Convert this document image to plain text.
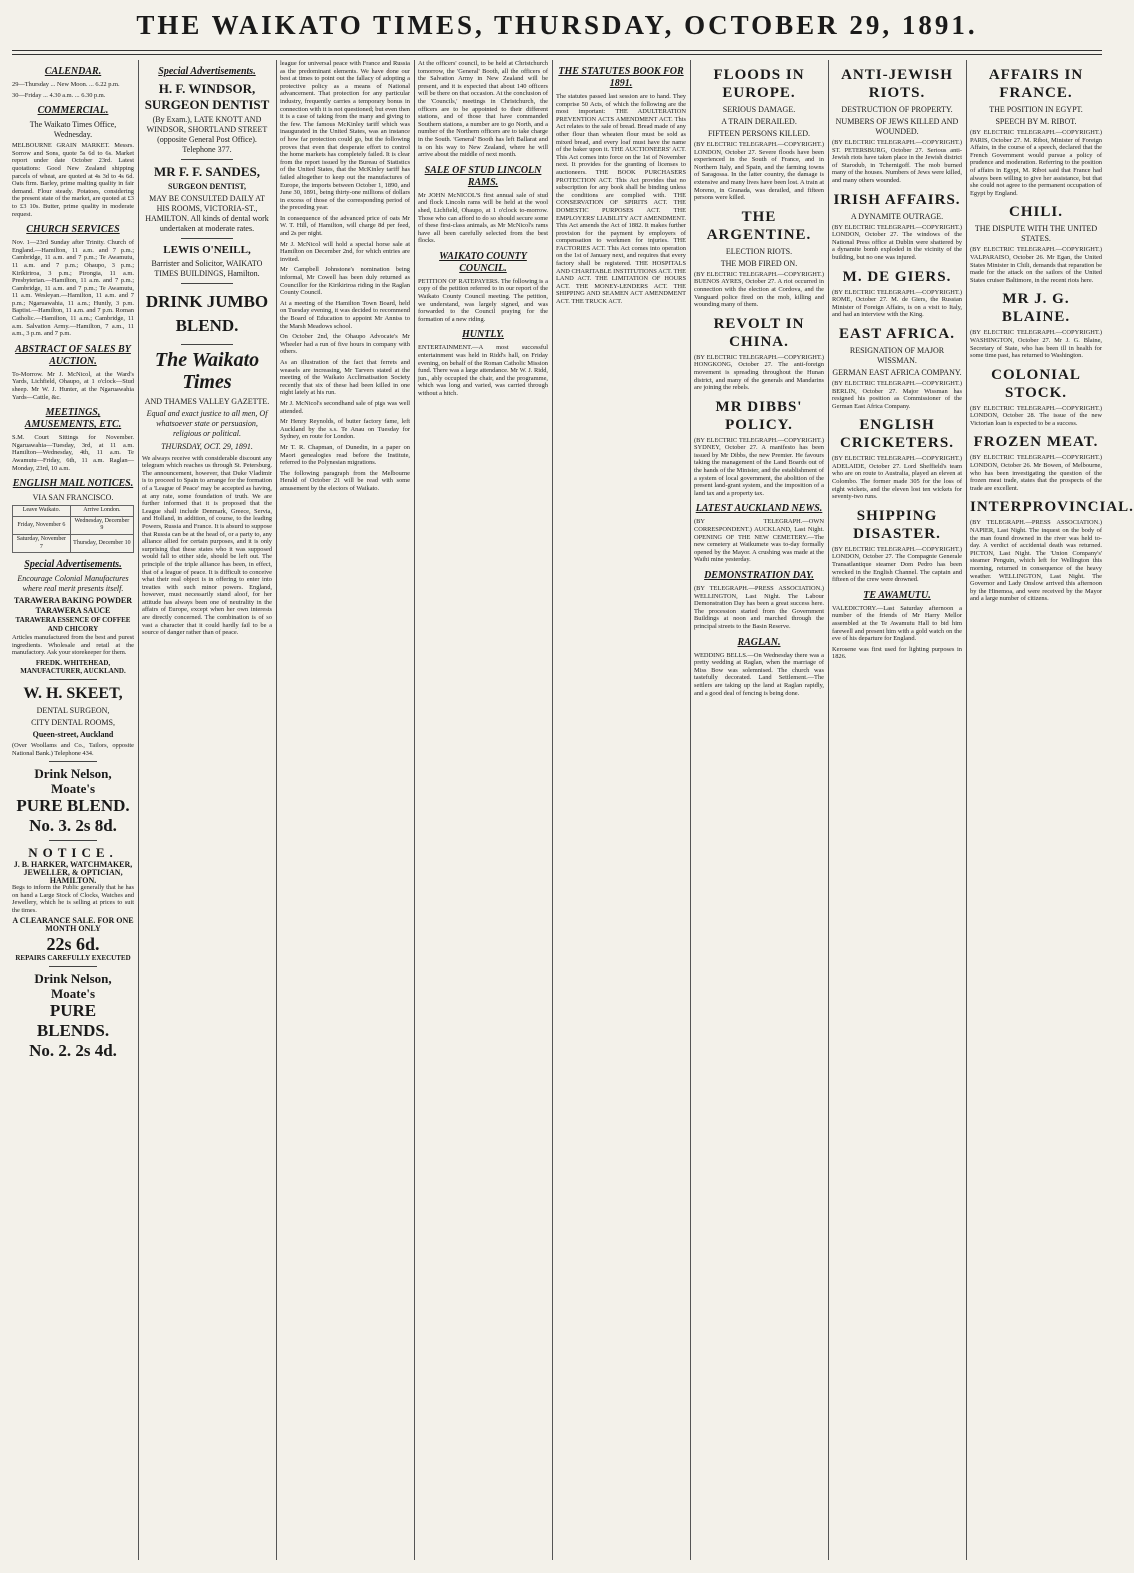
THE WAIKATO TIMES, THURSDAY, OCTOBER 29, 1891.
CALENDAR.
29—Thursday ... New Moon. ... 6.22 p.m.
30—Friday ... 4.30 a.m. ... 6.30 p.m.
COMMERCIAL.
The Waikato Times Office, Wednesday.
MELBOURNE GRAIN MARKET. Messrs. Sorrow and Sons, quote 5s 6d to 6s. Market report under date October 23rd. Latest quotations: Good New Zealand shipping parcels of wheat, are quoted at 4s 3d to 4s 6d. Oats firm. Barley, prime malting quality in fair demand. Flour steady. Potatoes, considering the present state of the market, are quoted at £3 to £3 10s. Butter, prime quality in moderate request.
CHURCH SERVICES
Nov. 1—23rd Sunday after Trinity. Church of England.—Hamilton, 11 a.m. and 7 p.m.; Cambridge, 11 a.m. and 7 p.m.; Te Awamutu, 11 a.m. and 7 p.m.; Ohaupo, 3 p.m.; Kirikiriroa, 3 p.m.; Pirongia, 11 a.m. Presbyterian.—Hamilton, 11 a.m. and 7 p.m.; Cambridge, 11 a.m. and 7 p.m.; Te Awamutu, 11 a.m. Wesleyan.—Hamilton, 11 a.m. and 7 p.m.; Ngaruawahia, 11 a.m.; Huntly, 3 p.m. Baptist.—Hamilton, 11 a.m. and 7 p.m. Roman Catholic.—Hamilton, 11 a.m.; Cambridge, 11 a.m. Salvation Army.—Hamilton, 7 a.m., 11 a.m., 3 p.m. and 7 p.m.
ABSTRACT OF SALES BY AUCTION.
To-Morrow. Mr J. McNicol, at the Ward's Yards, Lichfield, Ohaupo, at 1 o'clock—Stud sheep. Mr W. J. Hunter, at the Ngaruawahia Yards—Cattle, &c.
MEETINGS, AMUSEMENTS, ETC.
S.M. Court Sittings for November. Ngaruawahia—Tuesday, 3rd, at 11 a.m. Hamilton—Wednesday, 4th, 11 a.m. Te Awamutu—Friday, 6th, 11 a.m. Raglan—Monday, 23rd, 10 a.m.
ENGLISH MAIL NOTICES.
VIA SAN FRANCISCO.
Leave Waikato.	Arrive London.
Friday, November 6	Wednesday, December 9
Saturday, November 7	Thursday, December 10
Special Advertisements.
Encourage Colonial Manufactures where real merit presents itself.
TARAWERA BAKING POWDER
TARAWERA SAUCE
TARAWERA ESSENCE OF COFFEE AND CHICORY
Articles manufactured from the best and purest ingredients. Wholesale and retail at the manufactory. Ask your storekeeper for them.
FREDK. WHITEHEAD, MANUFACTURER, AUCKLAND.
W. H. SKEET,
DENTAL SURGEON,
CITY DENTAL ROOMS,
Queen-street, Auckland
(Over Woollams and Co., Tailors, opposite National Bank.) Telephone 434.
Drink Nelson, Moate's
PURE BLEND.
No. 3. 2s 8d.
NOTICE.
J. B. HARKER, WATCHMAKER, JEWELLER, & OPTICIAN, HAMILTON.
Begs to inform the Public generally that he has on hand a Large Stock of Clocks, Watches and Jewellery, which he is selling at prices to suit the times.
A CLEARANCE SALE. FOR ONE MONTH ONLY
22s 6d.
REPAIRS CAREFULLY EXECUTED
Drink Nelson, Moate's
PURE BLENDS.
No. 2. 2s 4d.
Special Advertisements.
H. F. WINDSOR, SURGEON DENTIST
(By Exam.), LATE KNOTT AND WINDSOR, SHORTLAND STREET (opposite General Post Office). Telephone 377.
MR F. F. SANDES,
SURGEON DENTIST,
MAY BE CONSULTED DAILY AT HIS ROOMS, VICTORIA-ST., HAMILTON. All kinds of dental work undertaken at moderate rates.
LEWIS O'NEILL,
Barrister and Solicitor, WAIKATO TIMES BUILDINGS, Hamilton.
DRINK JUMBO BLEND.
The Waikato Times
AND THAMES VALLEY GAZETTE.
Equal and exact justice to all men, Of whatsoever state or persuasion, religious or political.
THURSDAY, OCT. 29, 1891.
We always receive with considerable discount any telegram which reaches us through St. Petersburg. The announcement, however, that Duke Vladimir is to proceed to Spain to arrange for the formation of a 'League of Peace' may be accepted as having, at any rate, some foundation of truth. We are further informed that it is proposed that the League shall include Denmark, Greece, Servia, and Holland, in addition, of course, to the leading Powers, Russia and France. It is absurd to suppose that Russia can be at the head of, or a party to, any alliance allied for certain purposes, and it is only surprising that these states who it was supposed would fall to either side, should be left out. The principle of the triple alliance has been, in effect, that of a league of peace. It is difficult to conceive what their real object is in offering to enter into treaties with such minor powers. England, however, must necessarily stand aloof, for her attitude has always been one of neutrality in the affairs of Europe, except when her own interests are directly concerned. The combination is of so vast a character that it could hardly fail to be a source of danger rather than of peace.
league for universal peace with France and Russia as the predominant elements. We have done our best at times to point out the fallacy of adopting a protective policy as a means of National advancement. That protection for any particular industry, frequently carries a temporary bonus in connection with it is not questioned; but even then it is a case of taking from the many and giving to the few. The famous McKinley tariff which was inaugurated in the United States, was an instance of how far protection could go, but the following proves that even that desperate effort to control the home markets has completely failed. It is clear from the report issued by the Bureau of Statistics of the United States, that the McKinley tariff has failed altogether to keep out the manufactures of Europe, the imports between October 1, 1890, and June 30, 1891, being thirty-one millions of dollars in excess of those of the corresponding period of the preceding year.
In consequence of the advanced price of oats Mr W. T. Hill, of Hamilton, will charge 8d per feed, and 2s per night.
Mr J. McNicol will hold a special horse sale at Hamilton on December 2nd, for which entries are invited.
Mr Campbell Johnstone's nomination being informal, Mr Cowell has been duly returned as Councillor for the Kirikiriroa riding in the Raglan County Council.
At a meeting of the Hamilton Town Board, held on Tuesday evening, it was decided to recommend the Board of Education to appoint Mr Anniss to the Marsh Meadows school.
On October 2nd, the Ohaupo Advocate's Mr Wheeler had a run of five hours in company with others.
As an illustration of the fact that ferrets and weasels are increasing, Mr Tarvers stated at the meeting of the Waikato Acclimatisation Society recently that six of these had been killed in one night lately at his run.
Mr J. McNicol's secondhand sale of pigs was well attended.
Mr Henry Reynolds, of butter factory fame, left Auckland by the s.s. Te Anau on Tuesday for Sydney, en route for London.
Mr T. R. Chapman, of Dunedin, in a paper on Maori genealogies read before the Institute, referred to the Polynesian migrations.
The following paragraph from the Melbourne Herald of October 21 will be read with some amusement by the electors of Waikato.
At the officers' council, to be held at Christchurch tomorrow, the 'General' Booth, all the officers of the Salvation Army in New Zealand will be present, and it is expected that about 140 officers will be there on that occasion. At the conclusion of the 'Councils,' meetings in Christchurch, the officers are to be appointed to their different stations, and of those that have commanded Southern stations, a number are to go North, and a number of the Northern officers are to take charge in the South. 'General' Booth has left Ballarat and is on his way to New Zealand, where he will arrive about the middle of next month.
SALE OF STUD LINCOLN RAMS.
Mr JOHN McNICOL'S first annual sale of stud and flock Lincoln rams will be held at the wool shed, Lichfield, Ohaupo, at 1 o'clock to-morrow. Those who can afford to do so should secure some of these first-class animals, as Mr McNicol's rams have all been carefully selected from the best flocks.
WAIKATO COUNTY COUNCIL.
PETITION OF RATEPAYERS. The following is a copy of the petition referred to in our report of the Waikato County Council meeting. The petition, we understand, was largely signed, and was forwarded to the Council praying for the formation of a new riding.
HUNTLY.
ENTERTAINMENT.—A most successful entertainment was held in Ridd's hall, on Friday evening, on behalf of the Roman Catholic Mission fund. There was a large attendance. Mr W. J. Ridd, jun., ably occupied the chair, and the programme, which was long and varied, was carried through without a hitch.
THE STATUTES BOOK FOR 1891.
The statutes passed last session are to hand. They comprise 50 Acts, of which the following are the most important: THE ADULTERATION PREVENTION ACTS AMENDMENT ACT. This Act relates to the sale of bread. Bread made of any other flour than wheaten flour must be sold as mixed bread, and every loaf must have the name of the baker upon it. THE AUCTIONEERS' ACT. This Act comes into force on the 1st of November next. It provides for the granting of licenses to auctioneers. THE BOOK PURCHASERS PROTECTION ACT. This Act provides that no subscription for any book shall be binding unless the conditions are complied with. THE CONSERVATION OF SPIRITS ACT. THE DOMESTIC PURPOSES ACT. THE EMPLOYERS' LIABILITY ACT AMENDMENT. This Act amends the Act of 1882. It makes further provision for the payment by employers of compensation to workmen for injuries. THE FACTORIES ACT. This Act comes into operation on the 1st of January next, and requires that every factory shall be registered. THE HOSPITALS AND CHARITABLE INSTITUTIONS ACT. THE LAND ACT. THE LIMITATION OF HOURS ACT. THE MONEY-LENDERS ACT. THE SHIPPING AND SEAMEN ACT AMENDMENT ACT. THE TRUCK ACT.
FLOODS IN EUROPE.
SERIOUS DAMAGE.
A TRAIN DERAILED.
FIFTEEN PERSONS KILLED.
(BY ELECTRIC TELEGRAPH.—COPYRIGHT.) LONDON, October 27. Severe floods have been experienced in the South of France, and in Northern Italy, and Spain, and the farming towns of Saragossa. In the latter country, the damage is extensive and many lives have been lost. A train at Moreno, in Granada, was derailed, and fifteen persons were killed.
THE ARGENTINE.
ELECTION RIOTS.
THE MOB FIRED ON.
(BY ELECTRIC TELEGRAPH.—COPYRIGHT.) BUENOS AYRES, October 27. A riot occurred in connection with the election at Cordova, and the Vanguard police fired on the mob, killing and wounding many of them.
REVOLT IN CHINA.
(BY ELECTRIC TELEGRAPH.—COPYRIGHT.) HONGKONG, October 27. The anti-foreign movement is spreading throughout the Hunan district, and many of the generals and Mandarins are joining the rebels.
MR DIBBS' POLICY.
(BY ELECTRIC TELEGRAPH.—COPYRIGHT.) SYDNEY, October 27. A manifesto has been issued by Mr Dibbs, the new Premier. He favours taking the management of the Land Boards out of the hands of the Minister, and the establishment of a system of local government, the abolition of the present land-grant system, and the imposition of a land tax and a property tax.
LATEST AUCKLAND NEWS.
(BY TELEGRAPH.—OWN CORRESPONDENT.) AUCKLAND, Last Night. OPENING OF THE NEW CEMETERY.—The new cemetery at Waikumete was to-day formally opened by the Mayor. A crushing was made at the Waihi mine yesterday.
DEMONSTRATION DAY.
(BY TELEGRAPH.—PRESS ASSOCIATION.) WELLINGTON, Last Night. The Labour Demonstration Day has been a great success here. The procession started from the Government Buildings at noon and marched through the principal streets to the Basin Reserve.
RAGLAN.
WEDDING BELLS.—On Wednesday there was a pretty wedding at Raglan, when the marriage of Miss Bow was solemnised. The church was tastefully decorated. Land Settlement.—The settlers are taking up the land at Raglan rapidly, and a good deal of fencing is being done.
ANTI-JEWISH RIOTS.
DESTRUCTION OF PROPERTY.
NUMBERS OF JEWS KILLED AND WOUNDED.
(BY ELECTRIC TELEGRAPH.—COPYRIGHT.) ST. PETERSBURG, October 27. Serious anti-Jewish riots have taken place in the Jewish district of Starodub, in Tchernigoff. The mob burned many of the houses. Numbers of Jews were killed, and many others wounded.
IRISH AFFAIRS.
A DYNAMITE OUTRAGE.
(BY ELECTRIC TELEGRAPH.—COPYRIGHT.) LONDON, October 27. The windows of the National Press office at Dublin were shattered by a dynamite bomb exploded in the vicinity of the building, but no one was injured.
M. DE GIERS.
(BY ELECTRIC TELEGRAPH.—COPYRIGHT.) ROME, October 27. M. de Giers, the Russian Minister of Foreign Affairs, is on a visit to Italy, and had an interview with the King.
EAST AFRICA.
RESIGNATION OF MAJOR WISSMAN.
GERMAN EAST AFRICA COMPANY.
(BY ELECTRIC TELEGRAPH.—COPYRIGHT.) BERLIN, October 27. Major Wissman has resigned his position as Commissioner of the German East Africa Company.
ENGLISH CRICKETERS.
(BY ELECTRIC TELEGRAPH.—COPYRIGHT.) ADELAIDE, October 27. Lord Sheffield's team who are on route to Australia, played an eleven at Colombo. The former made 305 for the loss of eight wickets, and the eleven lost ten wickets for seventy-two runs.
SHIPPING DISASTER.
(BY ELECTRIC TELEGRAPH.—COPYRIGHT.) LONDON, October 27. The Compagnie Generale Transatlantique steamer Dom Pedro has been wrecked in the English Channel. The captain and fifteen of the crew were drowned.
TE AWAMUTU.
VALEDICTORY.—Last Saturday afternoon a number of the friends of Mr Harry Mellor assembled at the Te Awamutu Hall to bid him farewell and present him with a gold watch on the eve of his departure for England.
Kerosene was first used for lighting purposes in 1826.
AFFAIRS IN FRANCE.
THE POSITION IN EGYPT.
SPEECH BY M. RIBOT.
(BY ELECTRIC TELEGRAPH.—COPYRIGHT.) PARIS, October 27. M. Ribot, Minister of Foreign Affairs, in the course of a speech, declared that the French Government would pursue a policy of prudence and moderation. Referring to the position of affairs in Egypt, M. Ribot said that France had always been willing to give her assistance, but that she could not agree to the permanent occupation of Egypt by England.
CHILI.
THE DISPUTE WITH THE UNITED STATES.
(BY ELECTRIC TELEGRAPH.—COPYRIGHT.) VALPARAISO, October 26. Mr Egan, the United States Minister in Chili, demands that reparation be made for the attack on the sailors of the United States cruiser Baltimore, in the recent riots here.
MR J. G. BLAINE.
(BY ELECTRIC TELEGRAPH.—COPYRIGHT.) WASHINGTON, October 27. Mr J. G. Blaine, Secretary of State, who has been ill in health for some time past, has returned to Washington.
COLONIAL STOCK.
(BY ELECTRIC TELEGRAPH.—COPYRIGHT.) LONDON, October 28. The issue of the new Victorian loan is expected to be a success.
FROZEN MEAT.
(BY ELECTRIC TELEGRAPH.—COPYRIGHT.) LONDON, October 26. Mr Bowen, of Melbourne, who has been investigating the question of the frozen meat trade, states that the prospects of the trade are excellent.
INTERPROVINCIAL.
(BY TELEGRAPH.—PRESS ASSOCIATION.) NAPIER, Last Night. The inquest on the body of the man found drowned in the river was held to-day. A verdict of accidental death was returned. PICTON, Last Night. The 'Union Company's' steamer Penguin, which left for Wellington this morning, returned in consequence of the heavy weather. WELLINGTON, Last Night. The Governor and Lady Onslow arrived this afternoon by the Hinemoa, and were received by the Mayor and a large number of citizens.
